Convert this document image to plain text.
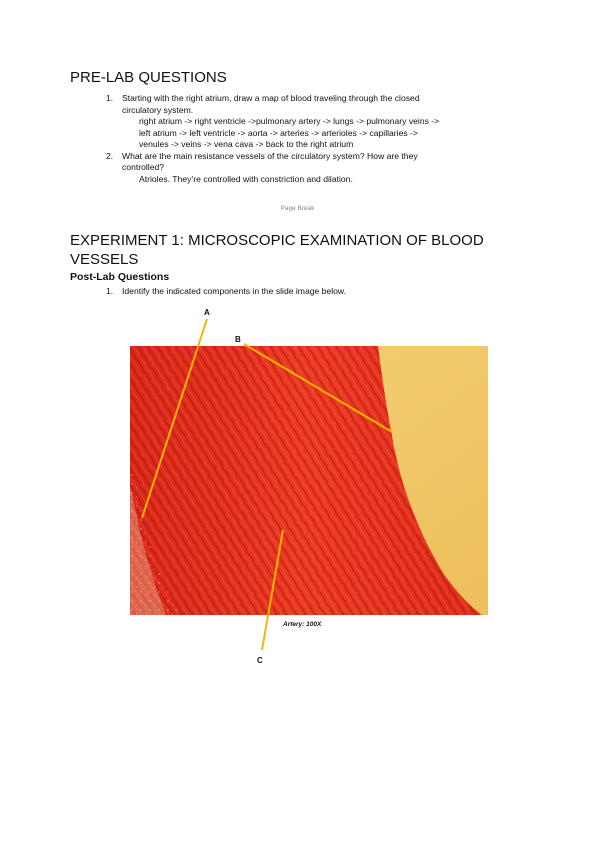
PRE-LAB QUESTIONS
1. Starting with the right atrium, draw a map of blood traveling through the closed
circulatory system.
right atrium -> right ventricle ->pulmonary artery -> lungs -> pulmonary veins ->
left atrium -> left ventricle -> aorta -> arteries -> arterioles -> capillaries ->
venules -> veins -> vena cava -> back to the right atrium
2. What are the main resistance vessels of the circulatory system? How are they
controlled?
Atrioles. They’re controlled with constriction and dilation.
Page Break
EXPERIMENT 1: MICROSCOPIC EXAMINATION OF BLOOD
VESSELS
Post-Lab Questions
1. Identify the indicated components in the slide image below.
A
B
Artery: 100X
C
